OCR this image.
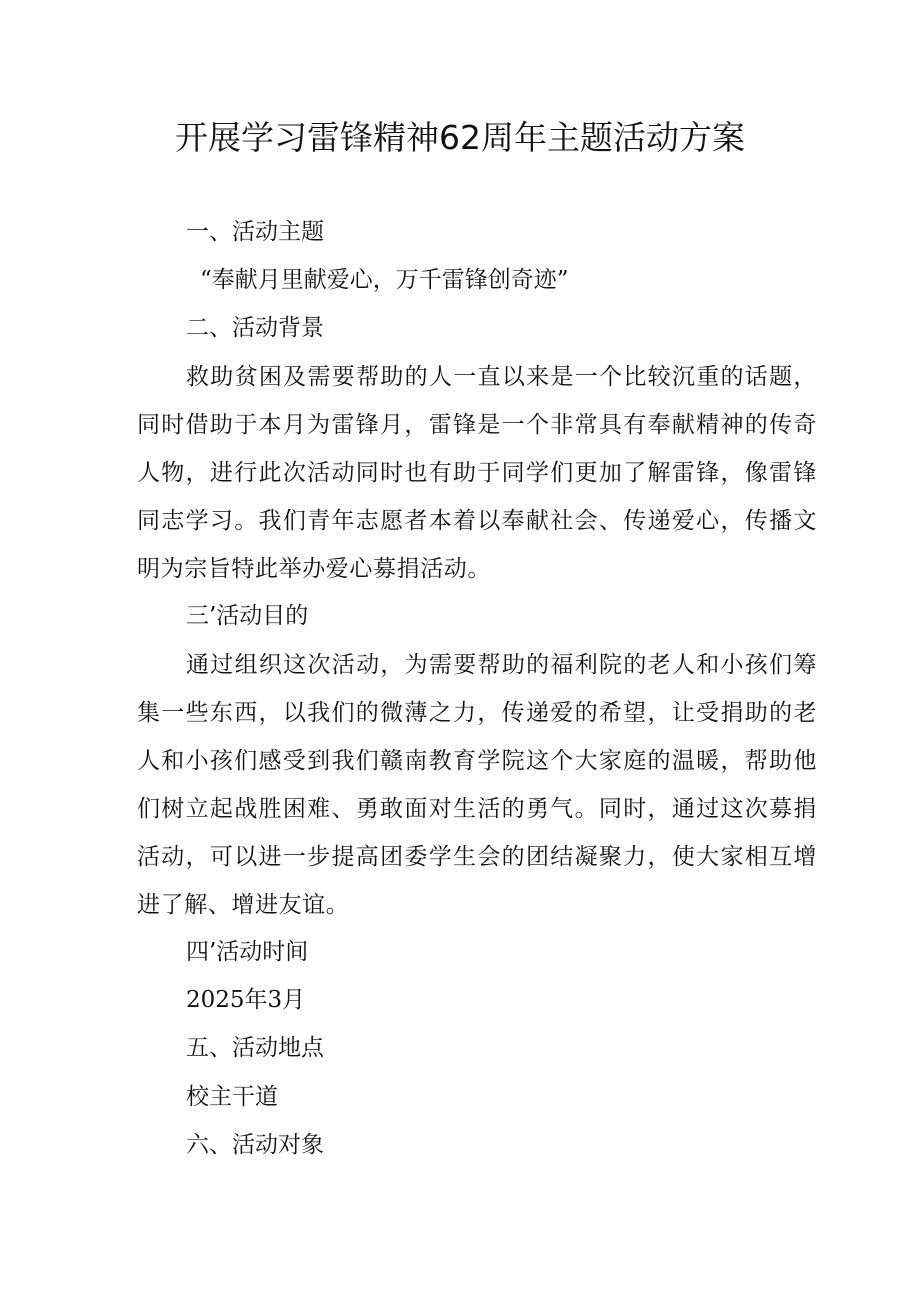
开展学习雷锋精神62周年主题活动方案
一、活动主题
“奉献月里献爱心，万千雷锋创奇迹”
二、活动背景
救助贫困及需要帮助的人一直以来是一个比较沉重的话题，同时借助于本月为雷锋月，雷锋是一个非常具有奉献精神的传奇人物，进行此次活动同时也有助于同学们更加了解雷锋，像雷锋同志学习。我们青年志愿者本着以奉献社会、传递爱心，传播文明为宗旨特此举办爱心募捐活动。
三’活动目的
通过组织这次活动，为需要帮助的福利院的老人和小孩们筹集一些东西，以我们的微薄之力，传递爱的希望，让受捐助的老人和小孩们感受到我们赣南教育学院这个大家庭的温暖，帮助他们树立起战胜困难、勇敢面对生活的勇气。同时，通过这次募捐活动，可以进一步提高团委学生会的团结凝聚力，使大家相互增进了解、增进友谊。
四’活动时间
2025年3月
五、活动地点
校主干道
六、活动对象
